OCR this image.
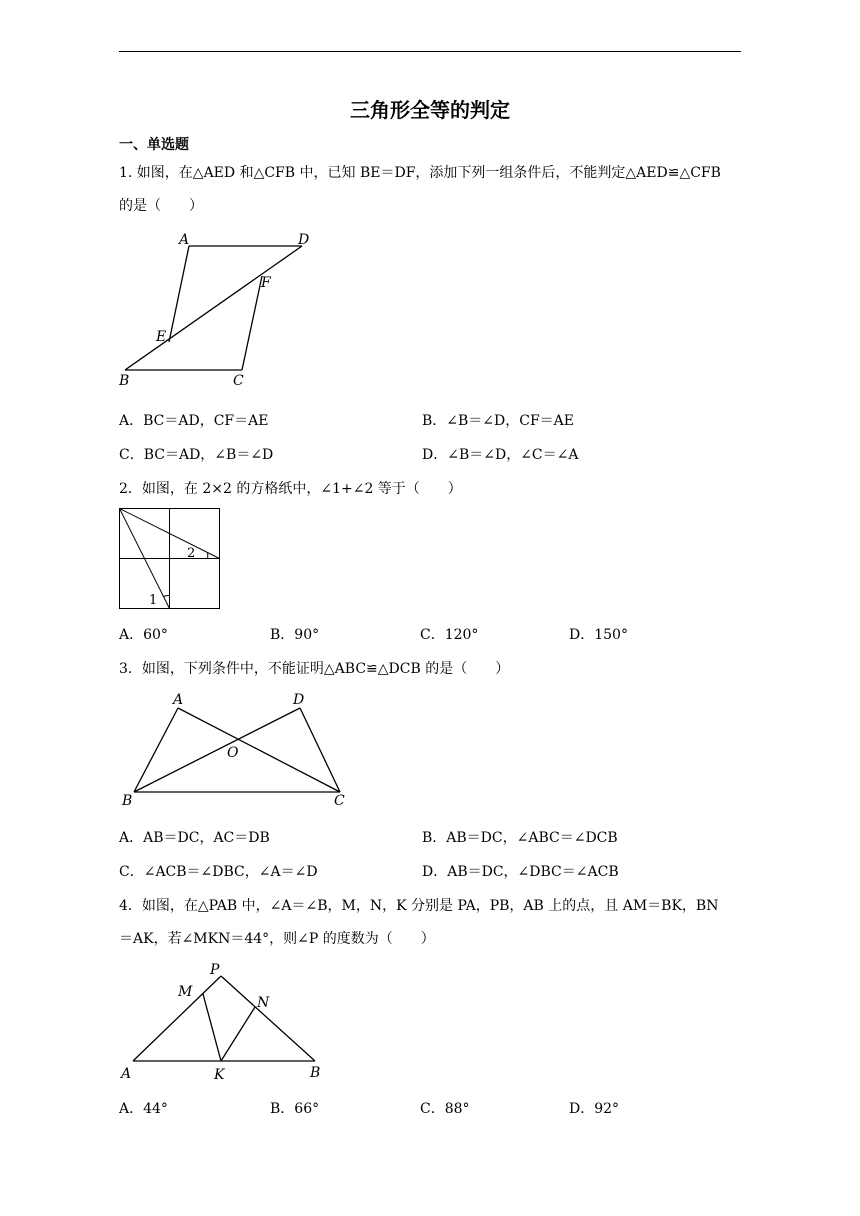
三角形全等的判定
一、单选题
1. 如图，在△AED 和△CFB 中，已知 BE＝DF，添加下列一组条件后，不能判定△AED≌△CFB
的是（　　）
A	D
F
E
B	C
A．BC＝AD，CF＝AE	B．∠B＝∠D，CF＝AE
C．BC＝AD，∠B＝∠D	D．∠B＝∠D，∠C＝∠A
2．如图，在 2×2 的方格纸中，∠1+∠2 等于（　　）
1
2
A．60°	B．90°	C．120°	D．150°
3．如图，下列条件中，不能证明△ABC≌△DCB 的是（　　）
A	D
O
B	C
A．AB＝DC，AC＝DB	B．AB＝DC，∠ABC＝∠DCB
C．∠ACB＝∠DBC，∠A＝∠D	D．AB＝DC，∠DBC＝∠ACB
4．如图，在△PAB 中，∠A＝∠B，M，N，K 分别是 PA，PB，AB 上的点，且 AM＝BK，BN
＝AK，若∠MKN＝44°，则∠P 的度数为（　　）
P
M
N
A	K	B
A．44°	B．66°	C．88°	D．92°
